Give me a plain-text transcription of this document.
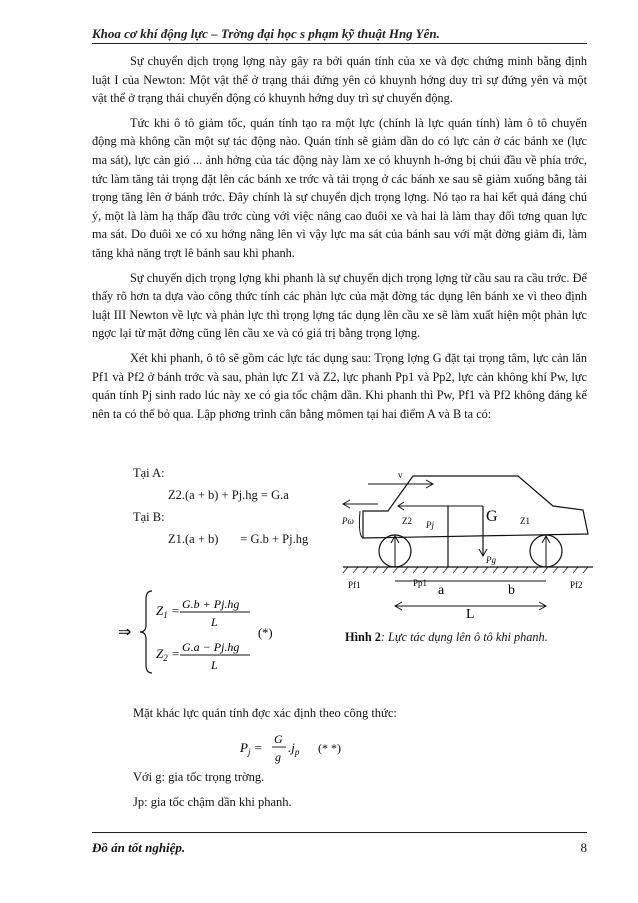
Khoa cơ khí động lực – Trờng đại học s phạm kỹ thuật Hng Yên.

Sự chuyển dịch trọng lợng này gây ra bởi quán tính của xe và đợc chứng minh bằng định luật I của Newton: Một vật thể ở trạng thái đứng yên có khuynh hớng duy trì sự đứng yên và một vật thể ở trạng thái chuyển động có khuynh hớng duy trì sự chuyển động.

Tức khi ô tô giảm tốc, quán tính tạo ra một lực (chính là lực quán tính) làm ô tô chuyển động mà không cần một sự tác động nào. Quán tính sẽ giảm dần do có lực cản ở các bánh xe (lực ma sát), lực cản gió ... ảnh hởng của tác động này làm xe có khuynh h-ớng bị chúi đầu về phía trớc, tức làm tăng tải trọng đặt lên các bánh xe trớc và tải trọng ở các bánh xe sau sẽ giảm xuống bằng tải trọng tăng lên ở bánh trớc. Đây chính là sự chuyển dịch trọng lợng. Nó tạo ra hai kết quả đáng chú ý, một là làm hạ thấp đầu trớc cùng với việc nâng cao đuôi xe và hai là làm thay đổi tơng quan lực ma sát. Do đuôi xe có xu hớng nâng lên vì vậy lực ma sát của bánh sau với mặt đờng giảm đi, làm tăng khả năng trợt lê bánh sau khi phanh.

Sự chuyển dịch trọng lợng khi phanh là sự chuyển dịch trọng lợng từ cầu sau ra cầu trớc. Để thấy rõ hơn ta dựa vào công thức tính các phản lực của mặt đờng tác dụng lên bánh xe vì theo định luật III Newton về lực và phản lực thì trọng lợng tác dụng lên cầu xe sẽ làm xuất hiện một phản lực ngợc lại từ mặt đờng cũng lên cầu xe và có giá trị bằng trọng lợng.

Xét khi phanh, ô tô sẽ gồm các lực tác dụng sau: Trọng lợng G đặt tại trọng tâm, lực cản lăn Pf1 và Pf2 ở bánh trớc và sau, phản lực Z1 và Z2, lực phanh Pp1 và Pp2, lực cản không khí Pw, lực quán tính Pj sinh rado lúc này xe có gia tốc chậm dần. Khi phanh thì Pw, Pf1 và Pf2 không đáng kể nên ta có thể bỏ qua. Lập phơng trình cân bằng mômen tại hai điểm A và B ta có:

Tại A:
Z2.(a + b) + Pj.hg = G.a
Tại B:
Z1.(a + b)       = G.b + Pj.hg
⇒
$Z_1 = G.b + Pj.hg$
L
$Z_2 = G.a - Pj.hg$
L
(*)
v
Pω	Z2 Pj	G Z1
Pg
Pf1	Pp1	Pf2
a	b
L
Hình 2: Lực tác dụng lên ô tô khi phanh.
Mặt khác lực quán tính đợc xác định theo công thức:
$P_j$ =
G
g
$.j_p$ (* *)
Với g: gia tốc trọng trờng.
Jp: gia tốc chậm dần khi phanh.
Đồ án tốt nghiệp.	8
